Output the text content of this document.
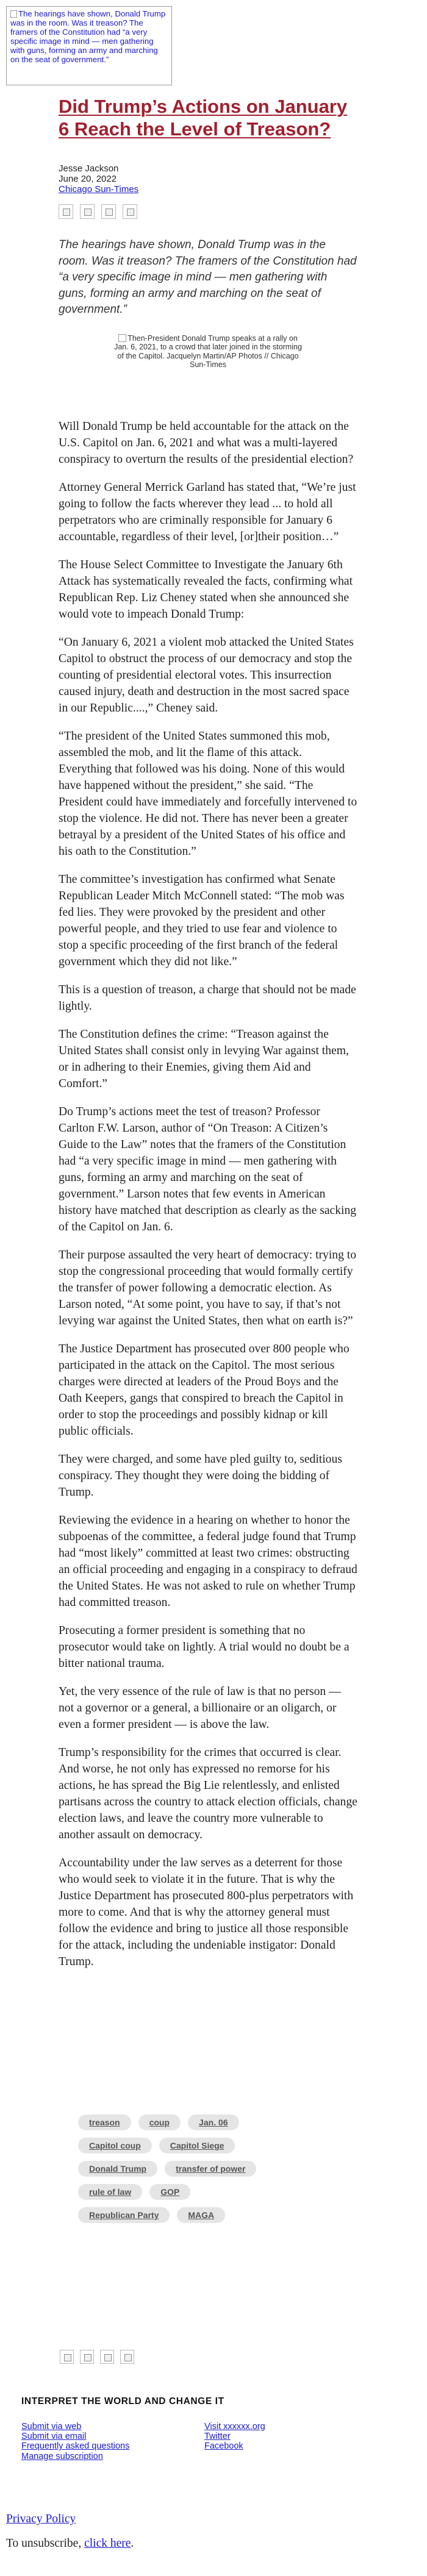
The hearings have shown, Donald Trump was in the room. Was it treason? The framers of the Constitution had “a very specific image in mind — men gathering with guns, forming an army and marching on the seat of government.”
Did Trump’s Actions on January 6 Reach the Level of Treason?
Jesse Jackson
June 20, 2022
Chicago Sun-Times
The hearings have shown, Donald Trump was in the room. Was it treason? The framers of the Constitution had “a very specific image in mind — men gathering with guns, forming an army and marching on the seat of government.”
Then-President Donald Trump speaks at a rally on Jan. 6, 2021, to a crowd that later joined in the storming of the Capitol. Jacquelyn Martin/AP Photos // Chicago Sun-Times

Will Donald Trump be held accountable for the attack on the U.S. Capitol on Jan. 6, 2021 and what was a multi-layered conspiracy to overturn the results of the presidential election?

Attorney General Merrick Garland has stated that, “We’re just going to follow the facts wherever they lead ... to hold all perpetrators who are criminally responsible for January 6 accountable, regardless of their level, [or]their position…”

The House Select Committee to Investigate the January 6th Attack has systematically revealed the facts, confirming what Republican Rep. Liz Cheney stated when she announced she would vote to impeach Donald Trump:

“On January 6, 2021 a violent mob attacked the United States Capitol to obstruct the process of our democracy and stop the counting of presidential electoral votes. This insurrection caused injury, death and destruction in the most sacred space in our Republic....,” Cheney said.

“The president of the United States summoned this mob, assembled the mob, and lit the flame of this attack. Everything that followed was his doing. None of this would have happened without the president,” she said. “The President could have immediately and forcefully intervened to stop the violence. He did not. There has never been a greater betrayal by a president of the United States of his office and his oath to the Constitution.”

The committee’s investigation has confirmed what Senate Republican Leader Mitch McConnell stated: “The mob was fed lies. They were provoked by the president and other powerful people, and they tried to use fear and violence to stop a specific proceeding of the first branch of the federal government which they did not like.”

This is a question of treason, a charge that should not be made lightly.

The Constitution defines the crime: “Treason against the United States shall consist only in levying War against them, or in adhering to their Enemies, giving them Aid and Comfort.”

Do Trump’s actions meet the test of treason? Professor Carlton F.W. Larson, author of “On Treason: A Citizen’s Guide to the Law” notes that the framers of the Constitution had “a very specific image in mind — men gathering with guns, forming an army and marching on the seat of government.” Larson notes that few events in American history have matched that description as clearly as the sacking of the Capitol on Jan. 6.

Their purpose assaulted the very heart of democracy: trying to stop the congressional proceeding that would formally certify the transfer of power following a democratic election. As Larson noted, “At some point, you have to say, if that’s not levying war against the United States, then what on earth is?”

The Justice Department has prosecuted over 800 people who participated in the attack on the Capitol. The most serious charges were directed at leaders of the Proud Boys and the Oath Keepers, gangs that conspired to breach the Capitol in order to stop the proceedings and possibly kidnap or kill public officials.

They were charged, and some have pled guilty to, seditious conspiracy. They thought they were doing the bidding of Trump.

Reviewing the evidence in a hearing on whether to honor the subpoenas of the committee, a federal judge found that Trump had “most likely” committed at least two crimes: obstructing an official proceeding and engaging in a conspiracy to defraud the United States. He was not asked to rule on whether Trump had committed treason.

Prosecuting a former president is something that no prosecutor would take on lightly. A trial would no doubt be a bitter national trauma.

Yet, the very essence of the rule of law is that no person — not a governor or a general, a billionaire or an oligarch, or even a former president — is above the law.

Trump’s responsibility for the crimes that occurred is clear. And worse, he not only has expressed no remorse for his actions, he has spread the Big Lie relentlessly, and enlisted partisans across the country to attack election officials, change election laws, and leave the country more vulnerable to another assault on democracy.

Accountability under the law serves as a deterrent for those who would seek to violate it in the future. That is why the Justice Department has prosecuted 800-plus perpetrators with more to come. And that is why the attorney general must follow the evidence and bring to justice all those responsible for the attack, including the undeniable instigator: Donald Trump.

treason	coup	Jan. 06
Capitol coup	Capitol Siege
Donald Trump	transfer of power
rule of law	GOP
Republican Party	MAGA
INTERPRET THE WORLD AND CHANGE IT
Submit via web
Submit via email
Frequently asked questions
Manage subscription
Visit xxxxxx.org
Twitter
Facebook
Privacy Policy
To unsubscribe, click here.
